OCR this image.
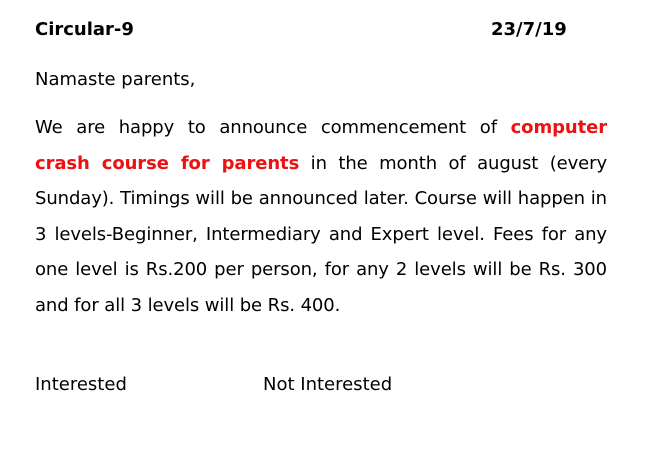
Circular-9	23/7/19
Namaste parents,
We are happy to announce commencement of computer crash course for parents in the month of august (every Sunday). Timings will be announced later. Course will happen in 3 levels-Beginner, Intermediary and Expert level. Fees for any one level is Rs.200 per person, for any 2 levels will be Rs. 300 and for all 3 levels will be Rs. 400.
Interested	Not Interested
